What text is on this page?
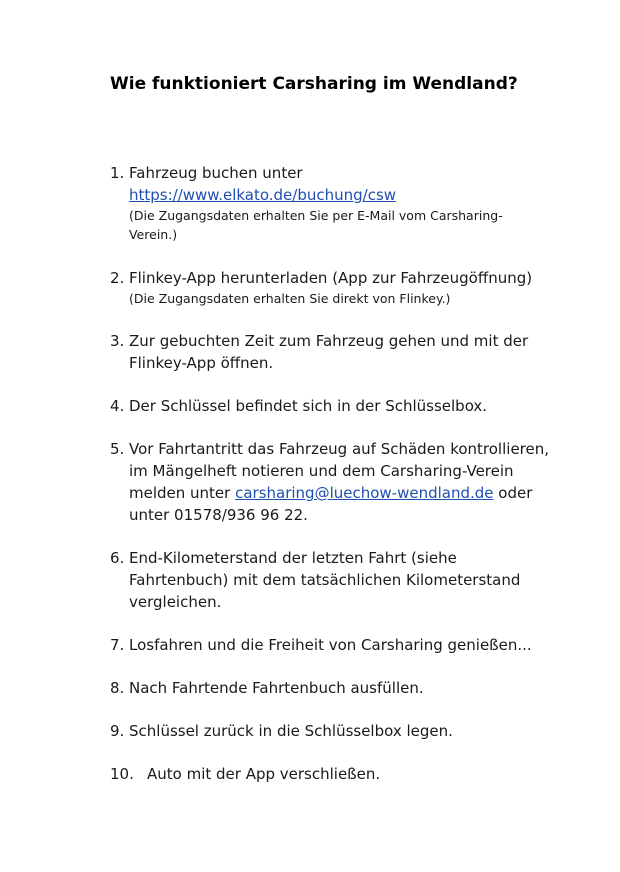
Wie funktioniert Carsharing im Wendland?
1. Fahrzeug buchen unter
https://www.elkato.de/buchung/csw
(Die Zugangsdaten erhalten Sie per E-Mail vom Carsharing-
Verein.)
2. Flinkey-App herunterladen (App zur Fahrzeugöffnung)
(Die Zugangsdaten erhalten Sie direkt von Flinkey.)
3. Zur gebuchten Zeit zum Fahrzeug gehen und mit der
Flinkey-App öffnen.
4. Der Schlüssel befindet sich in der Schlüsselbox.
5. Vor Fahrtantritt das Fahrzeug auf Schäden kontrollieren,
im Mängelheft notieren und dem Carsharing-Verein
melden unter carsharing@luechow-wendland.de oder
unter 01578/936 96 22.
6. End-Kilometerstand der letzten Fahrt (siehe
Fahrtenbuch) mit dem tatsächlichen Kilometerstand
vergleichen.
7. Losfahren und die Freiheit von Carsharing genießen...
8. Nach Fahrtende Fahrtenbuch ausfüllen.
9. Schlüssel zurück in die Schlüsselbox legen.
10. Auto mit der App verschließen.
